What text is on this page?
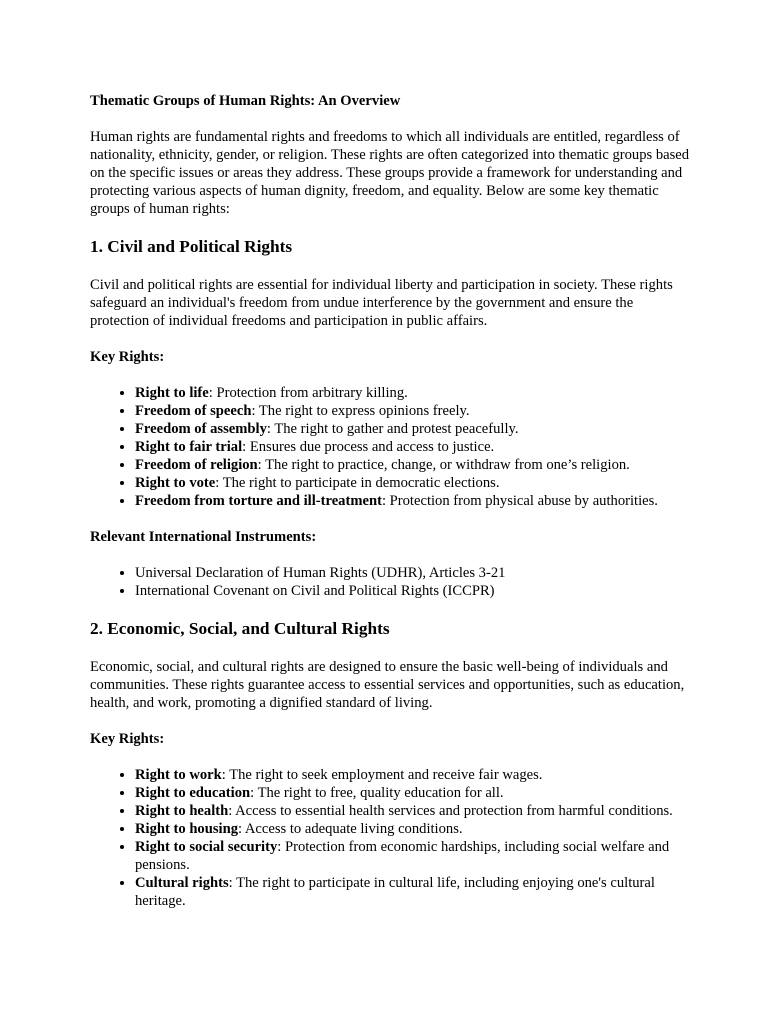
Thematic Groups of Human Rights: An Overview

Human rights are fundamental rights and freedoms to which all individuals are entitled, regardless of nationality, ethnicity, gender, or religion. These rights are often categorized into thematic groups based on the specific issues or areas they address. These groups provide a framework for understanding and protecting various aspects of human dignity, freedom, and equality. Below are some key thematic groups of human rights:

1. Civil and Political Rights

Civil and political rights are essential for individual liberty and participation in society. These rights safeguard an individual's freedom from undue interference by the government and ensure the protection of individual freedoms and participation in public affairs.

Key Rights:

• Right to life: Protection from arbitrary killing.
• Freedom of speech: The right to express opinions freely.
• Freedom of assembly: The right to gather and protest peacefully.
• Right to fair trial: Ensures due process and access to justice.
• Freedom of religion: The right to practice, change, or withdraw from one’s religion.
• Right to vote: The right to participate in democratic elections.
• Freedom from torture and ill-treatment: Protection from physical abuse by authorities.

Relevant International Instruments:

• Universal Declaration of Human Rights (UDHR), Articles 3-21
• International Covenant on Civil and Political Rights (ICCPR)
2. Economic, Social, and Cultural Rights

Economic, social, and cultural rights are designed to ensure the basic well-being of individuals and communities. These rights guarantee access to essential services and opportunities, such as education, health, and work, promoting a dignified standard of living.

Key Rights:

• Right to work: The right to seek employment and receive fair wages.
• Right to education: The right to free, quality education for all.
• Right to health: Access to essential health services and protection from harmful conditions.
• Right to housing: Access to adequate living conditions.
• Right to social security: Protection from economic hardships, including social welfare and pensions.
• Cultural rights: The right to participate in cultural life, including enjoying one's cultural heritage.
